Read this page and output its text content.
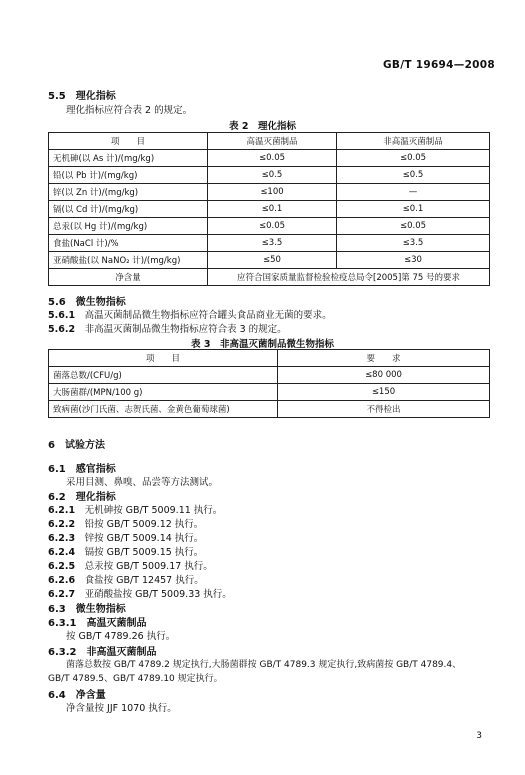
GB/T 19694—2008
5.5　 理化指标
理化指标应符合表 2 的规定。
表 2　理化指标
项　　目	高温灭菌制品	非高温灭菌制品
无机砷(以 As 计)/(mg/kg)	≤0.05	≤0.05
铅(以 Pb 计)/(mg/kg)	≤0.5	≤0.5
锌(以 Zn 计)/(mg/kg)	≤100	—
镉(以 Cd 计)/(mg/kg)	≤0.1	≤0.1
总汞(以 Hg 计)/(mg/kg)	≤0.05	≤0.05
食盐(NaCl 计)/%	≤3.5	≤3.5
亚硝酸盐(以 NaNO₂ 计)/(mg/kg)	≤50	≤30
净含量	应符合国家质量监督检验检疫总局令[2005]第 75 号的要求	
5.6　 微生物指标
5.6.1　 高温灭菌制品微生物指标应符合罐头食品商业无菌的要求。
5.6.2　 非高温灭菌制品微生物指标应符合表 3 的规定。
表 3　非高温灭菌制品微生物指标
项　　目	要　　求
菌落总数/(CFU/g)	≤80 000
大肠菌群/(MPN/100 g)	≤150
致病菌(沙门氏菌、志贺氏菌、金黄色葡萄球菌)	不得检出
6　 试验方法
6.1　 感官指标
采用目测、鼻嗅、品尝等方法测试。
6.2　 理化指标
6.2.1　 无机砷按 GB/T 5009.11 执行。
6.2.2　 铅按 GB/T 5009.12 执行。
6.2.3　 锌按 GB/T 5009.14 执行。
6.2.4　 镉按 GB/T 5009.15 执行。
6.2.5　 总汞按 GB/T 5009.17 执行。
6.2.6　 食盐按 GB/T 12457 执行。
6.2.7　 亚硝酸盐按 GB/T 5009.33 执行。
6.3　 微生物指标
6.3.1　 高温灭菌制品
按 GB/T 4789.26 执行。
6.3.2　 非高温灭菌制品
菌落总数按 GB/T 4789.2 规定执行,大肠菌群按 GB/T 4789.3 规定执行,致病菌按 GB/T 4789.4、
GB/T 4789.5、GB/T 4789.10 规定执行。
6.4　 净含量
净含量按 JJF 1070 执行。
3
